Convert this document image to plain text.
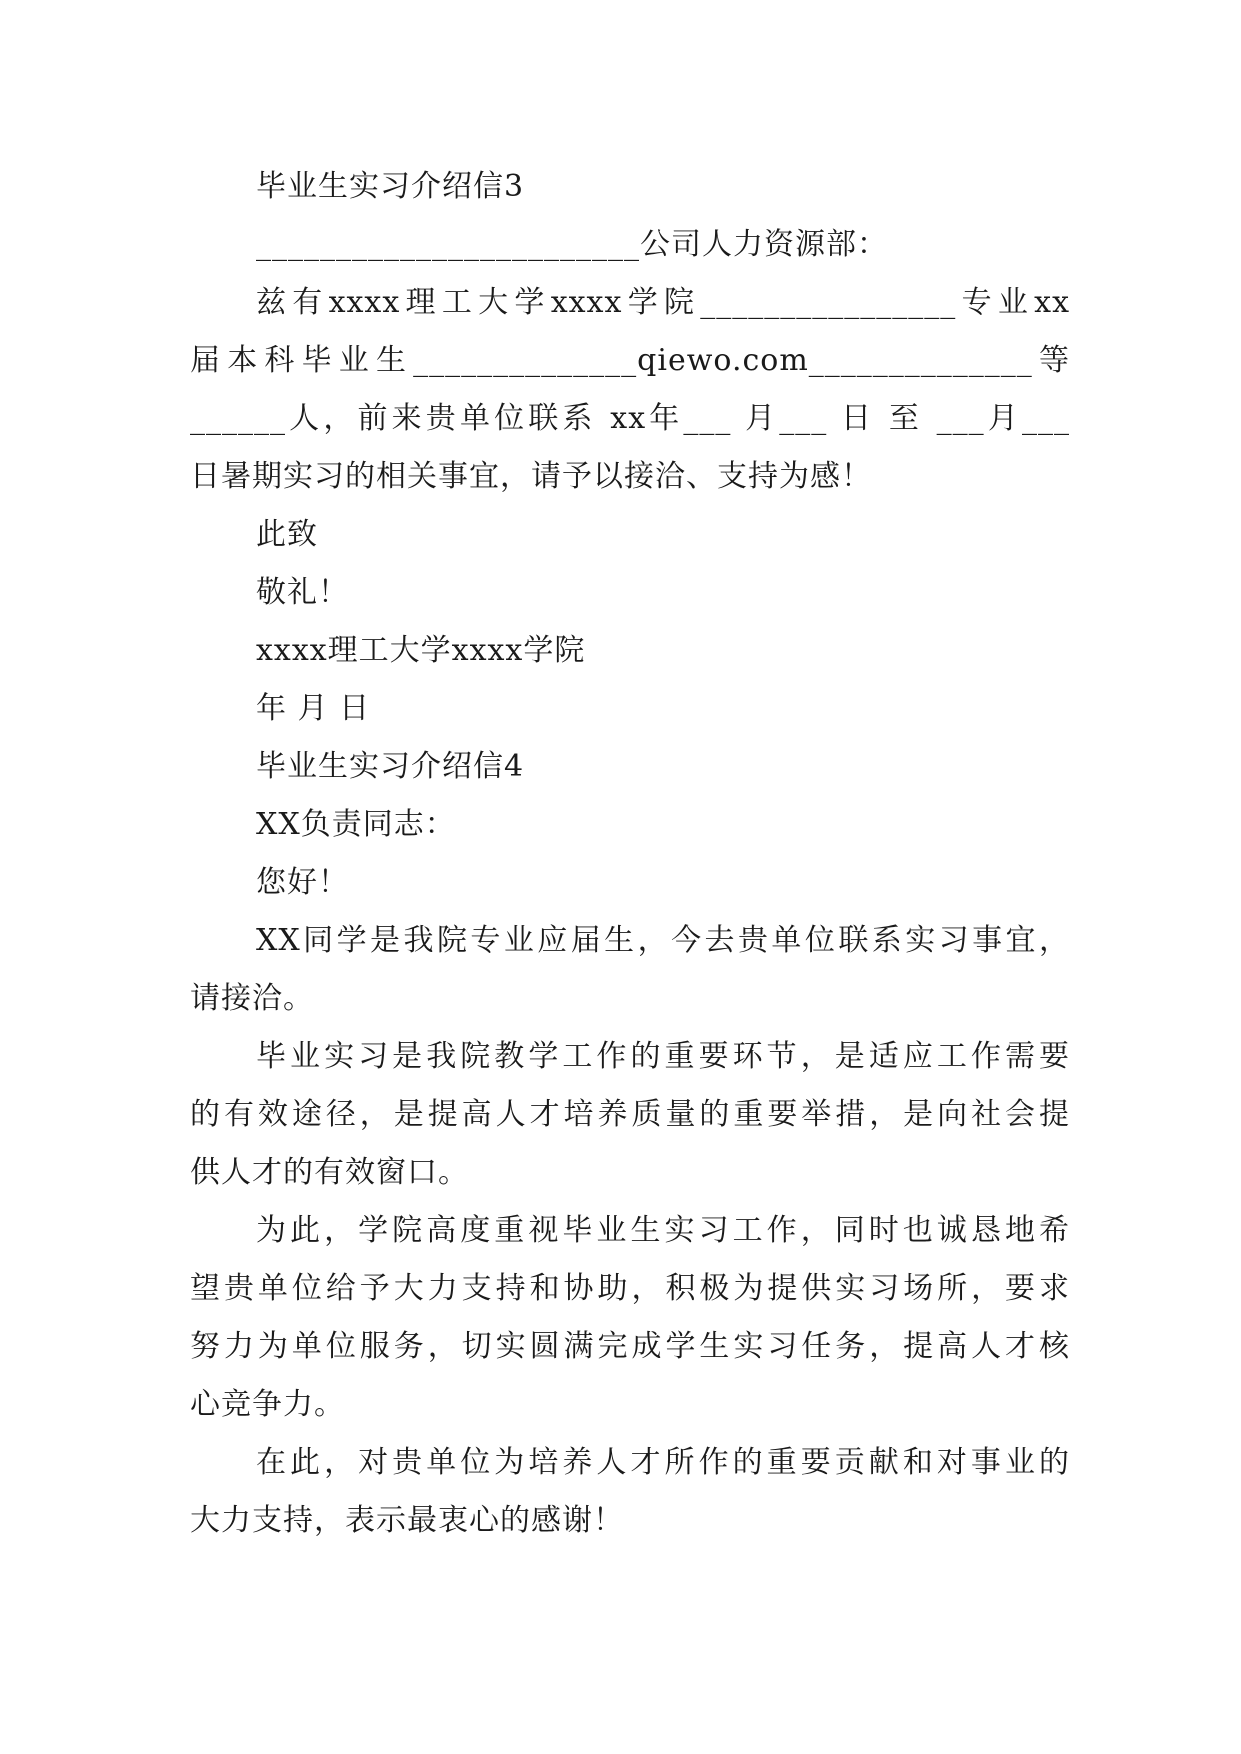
毕业生实习介绍信3

________________________公司人力资源部：

兹有xxxx理工大学xxxx学院________________专业xx

届本科毕业生______________qiewo.com______________等

______人，前来贵单位联系 xx年___ 月___ 日 至 ___月___

日暑期实习的相关事宜，请予以接洽、支持为感！

此致

敬礼！

xxxx理工大学xxxx学院

年 月 日

毕业生实习介绍信4

XX负责同志：

您好！

XX同学是我院专业应届生，今去贵单位联系实习事宜，

请接洽。

毕业实习是我院教学工作的重要环节，是适应工作需要

的有效途径，是提高人才培养质量的重要举措，是向社会提

供人才的有效窗口。

为此，学院高度重视毕业生实习工作，同时也诚恳地希

望贵单位给予大力支持和协助，积极为提供实习场所，要求

努力为单位服务，切实圆满完成学生实习任务，提高人才核

心竞争力。

在此，对贵单位为培养人才所作的重要贡献和对事业的

大力支持，表示最衷心的感谢！
